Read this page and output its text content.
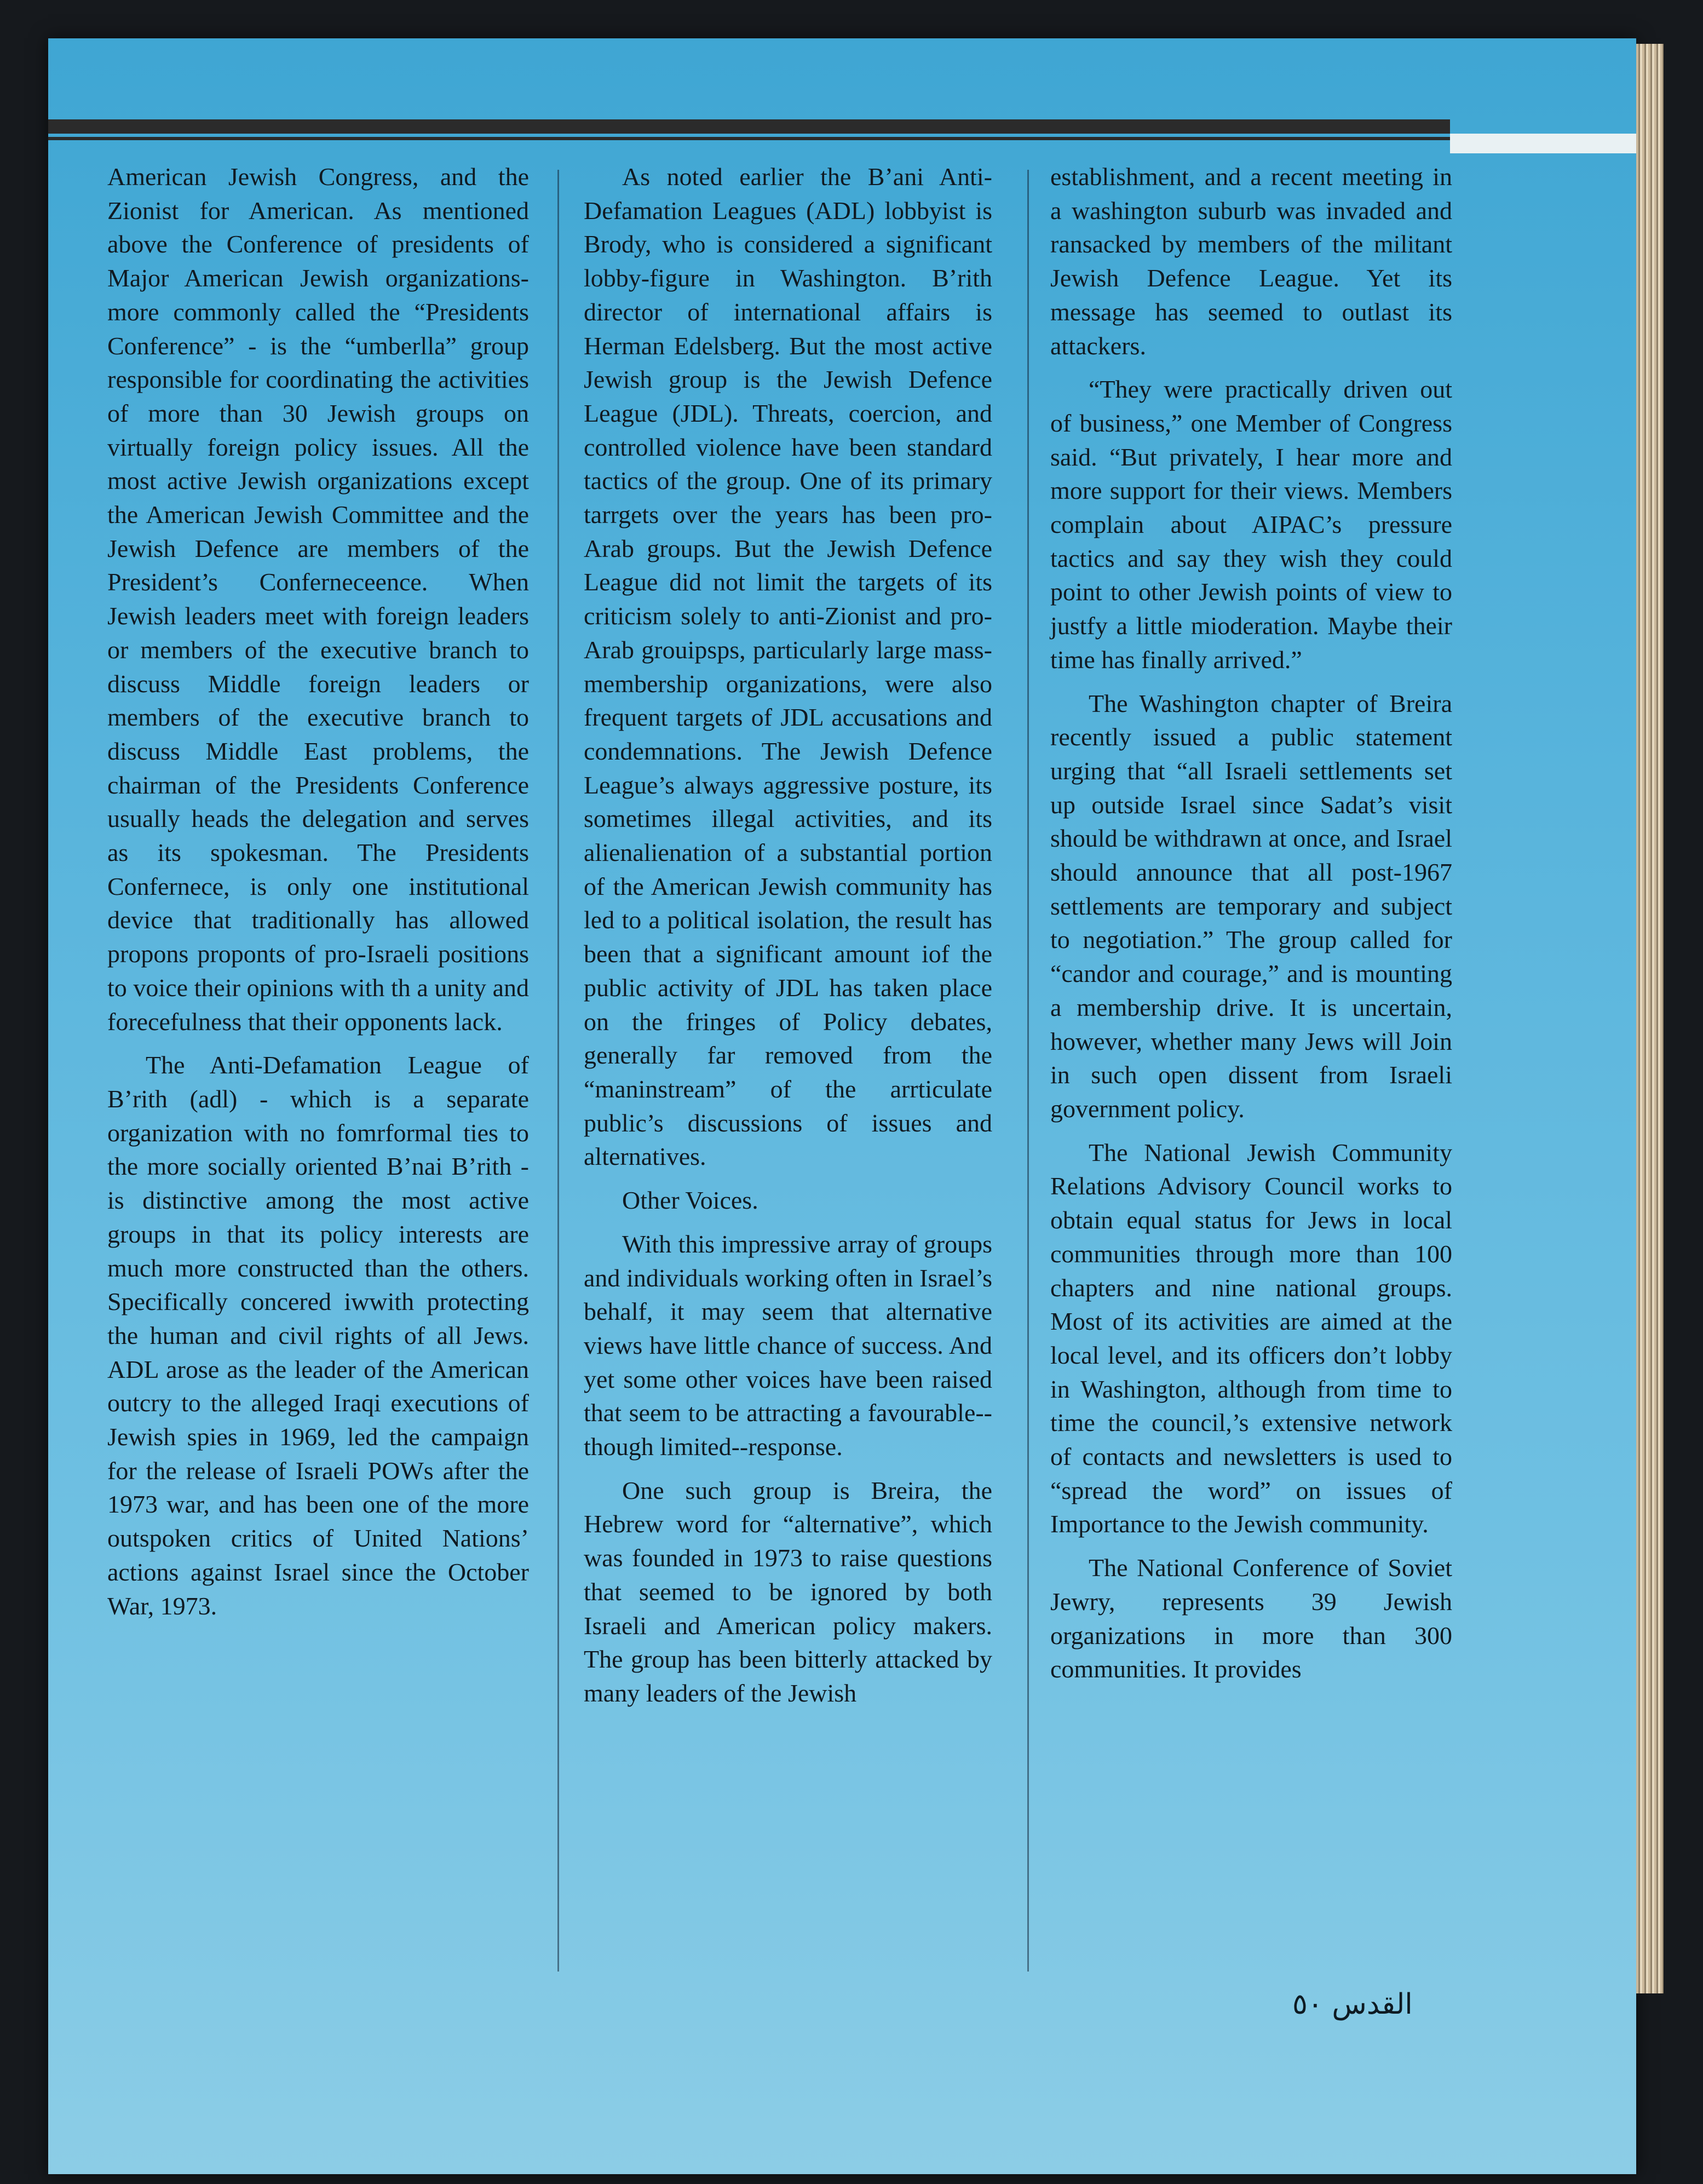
American Jewish Congress, and the Zionist for American. As mentioned above the Conference of presidents of Major American Jewish organizations-more commonly called the “Presidents Conference” - is the “umberlla” group responsible for coordinating the activities of more than 30 Jewish groups on virtually foreign policy issues. All the most active Jewish organizations except the American Jewish Committee and the Jewish Defence are members of the President’s Conferneceence. When Jewish leaders meet with foreign leaders or members of the executive branch to discuss Middle foreign leaders or members of the executive branch to discuss Middle East problems, the chairman of the Presidents Conference usually heads the delegation and serves as its spokesman. The Presidents Confernece, is only one institutional device that traditionally has allowed propons proponts of pro-Israeli positions to voice their opinions with th a unity and forecefulness that their opponents lack.

The Anti-Defamation League of B’rith (adl) - which is a separate organization with no fomrformal ties to the more socially oriented B’nai B’rith - is distinctive among the most active groups in that its policy interests are much more constructed than the others. Specifically concered iwwith protecting the human and civil rights of all Jews. ADL arose as the leader of the American outcry to the alleged Iraqi executions of Jewish spies in 1969, led the campaign for the release of Israeli POWs after the 1973 war, and has been one of the more outspoken critics of United Nations’ actions against Israel since the October War, 1973.

As noted earlier the B’ani Anti-Defamation Leagues (ADL) lobbyist is Brody, who is considered a significant lobby-figure in Washington. B’rith director of international affairs is Herman Edelsberg. But the most active Jewish group is the Jewish Defence League (JDL). Threats, coercion, and controlled violence have been standard tactics of the group. One of its primary tarrgets over the years has been pro-Arab groups. But the Jewish Defence League did not limit the targets of its criticism solely to anti-Zionist and pro-Arab grouipsps, particularly large mass-membership organizations, were also frequent targets of JDL accusations and condemnations. The Jewish Defence League’s always aggressive posture, its sometimes illegal activities, and its alienalienation of a substantial portion of the American Jewish community has led to a political isolation, the result has been that a significant amount iof the public activity of JDL has taken place on the fringes of Policy debates, generally far removed from the “maninstream” of the arrticulate public’s discussions of issues and alternatives.

Other Voices.

With this impressive array of groups and individuals working often in Israel’s behalf, it may seem that alternative views have little chance of success. And yet some other voices have been raised that seem to be attracting a favourable--though limited--response.

One such group is Breira, the Hebrew word for “alternative”, which was founded in 1973 to raise questions that seemed to be ignored by both Israeli and American policy makers. The group has been bitterly attacked by many leaders of the Jewish

establishment, and a recent meeting in a washington suburb was invaded and ransacked by members of the militant Jewish Defence League. Yet its message has seemed to outlast its attackers.

“They were practically driven out of business,” one Member of Congress said. “But privately, I hear more and more support for their views. Members complain about AIPAC’s pressure tactics and say they wish they could point to other Jewish points of view to justfy a little mioderation. Maybe their time has finally arrived.”

The Washington chapter of Breira recently issued a public statement urging that “all Israeli settlements set up outside Israel since Sadat’s visit should be withdrawn at once, and Israel should announce that all post-1967 settlements are temporary and subject to negotiation.” The group called for “candor and courage,” and is mounting a membership drive. It is uncertain, however, whether many Jews will Join in such open dissent from Israeli government policy.

The National Jewish Community Relations Advisory Council works to obtain equal status for Jews in local communities through more than 100 chapters and nine national groups. Most of its activities are aimed at the local level, and its officers don’t lobby in Washington, although from time to time the council,’s extensive network of contacts and newsletters is used to “spread the word” on issues of Importance to the Jewish community.

The National Conference of Soviet Jewry, represents 39 Jewish organizations in more than 300 communities. It provides

القدس ٥٠
